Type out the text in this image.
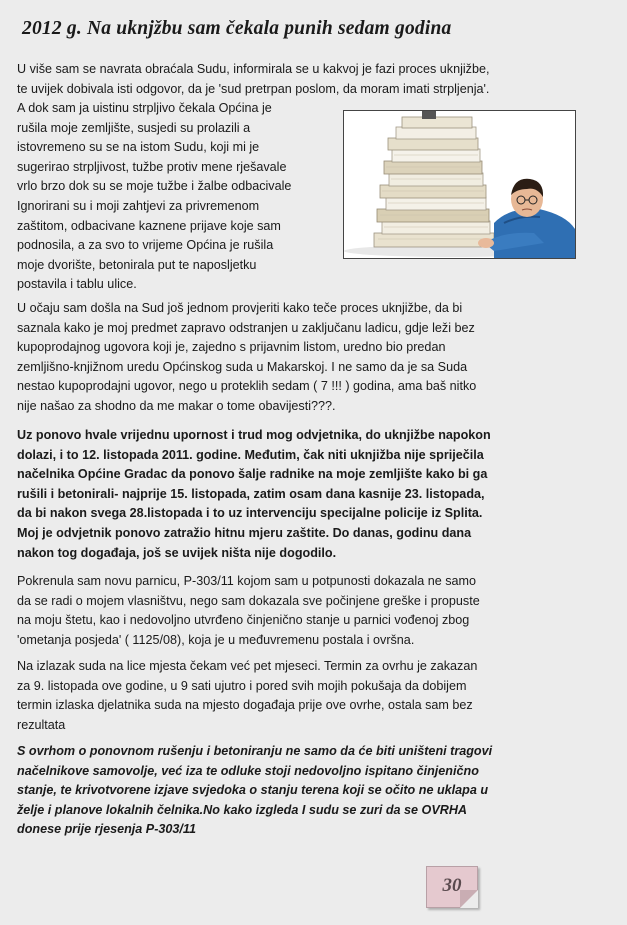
2012 g. Na uknjžbu sam čekala punih sedam godina
U više sam se navrata obraćala Sudu, informirala se u kakvoj je fazi proces uknjižbe,
te uvijek dobivala isti odgovor, da je 'sud pretrpan poslom, da moram imati strpljenja'.
A dok sam ja uistinu strpljivo čekala Općina je
rušila moje zemljište, susjedi su prolazili a
istovremeno su se na istom Sudu, koji mi je
sugerirao strpljivost, tužbe protiv mene rješavale
vrlo brzo dok su se moje tužbe i žalbe odbacivale
Ignorirani su i moji zahtjevi za privremenom
zaštitom, odbacivane kaznene prijave koje sam
podnosila, a za svo to vrijeme Općina je rušila
moje dvorište, betonirala put te naposljetku
postavila i tablu ulice.
U očaju sam došla na Sud još jednom provjeriti kako teče proces uknjižbe, da bi
saznala kako je moj predmet zapravo odstranjen u zaključanu ladicu, gdje leži bez
kupoprodajnog ugovora koji je, zajedno s prijavnim listom, uredno bio predan
zemljišno-knjižnom uredu Općinskog suda u Makarskoj. I ne samo da je sa Suda
nestao kupoprodajni ugovor, nego u proteklih sedam ( 7 !!! ) godina, ama baš nitko
nije našao za shodno da me makar o tome obavijesti???.
Uz ponovo hvale vrijednu upornost i trud mog odvjetnika, do uknjižbe napokon
dolazi, i to 12. listopada 2011. godine. Međutim, čak niti uknjižba nije spriječila
načelnika Općine Gradac da ponovo šalje radnike na moje zemljište kako bi ga
rušili i betonirali- najprije 15. listopada, zatim osam dana kasnije 23. listopada,
da bi nakon svega 28.listopada i to uz intervenciju specijalne policije iz Splita.
Moj je odvjetnik ponovo zatražio hitnu mjeru zaštite. Do danas, godinu dana
nakon tog događaja, još se uvijek ništa nije dogodilo.
Pokrenula sam novu parnicu, P-303/11 kojom sam u potpunosti dokazala ne samo
da se radi o mojem vlasništvu, nego sam dokazala sve počinjene greške i propuste
na moju štetu, kao i nedovoljno utvrđeno činjenično stanje u parnici vođenoj zbog
'ometanja posjeda' ( 1125/08), koja je u međuvremenu postala i ovršna.
Na izlazak suda na lice mjesta čekam već pet mjeseci. Termin za ovrhu je zakazan
za 9. listopada ove godine, u 9 sati ujutro i pored svih mojih pokušaja da dobijem
termin izlaska djelatnika suda na mjesto događaja prije ove ovrhe, ostala sam bez
rezultata
S ovrhom o ponovnom rušenju i betoniranju ne samo da će biti uništeni tragovi
načelnikove samovolje, već iza te odluke stoji nedovoljno ispitano činjenično
stanje, te krivotvorene izjave svjedoka o stanju terena koji se očito ne uklapa u
želje i planove lokalnih čelnika.No kako izgleda I sudu se zuri da se OVRHA
donese prije rjesenja P-303/11
30
